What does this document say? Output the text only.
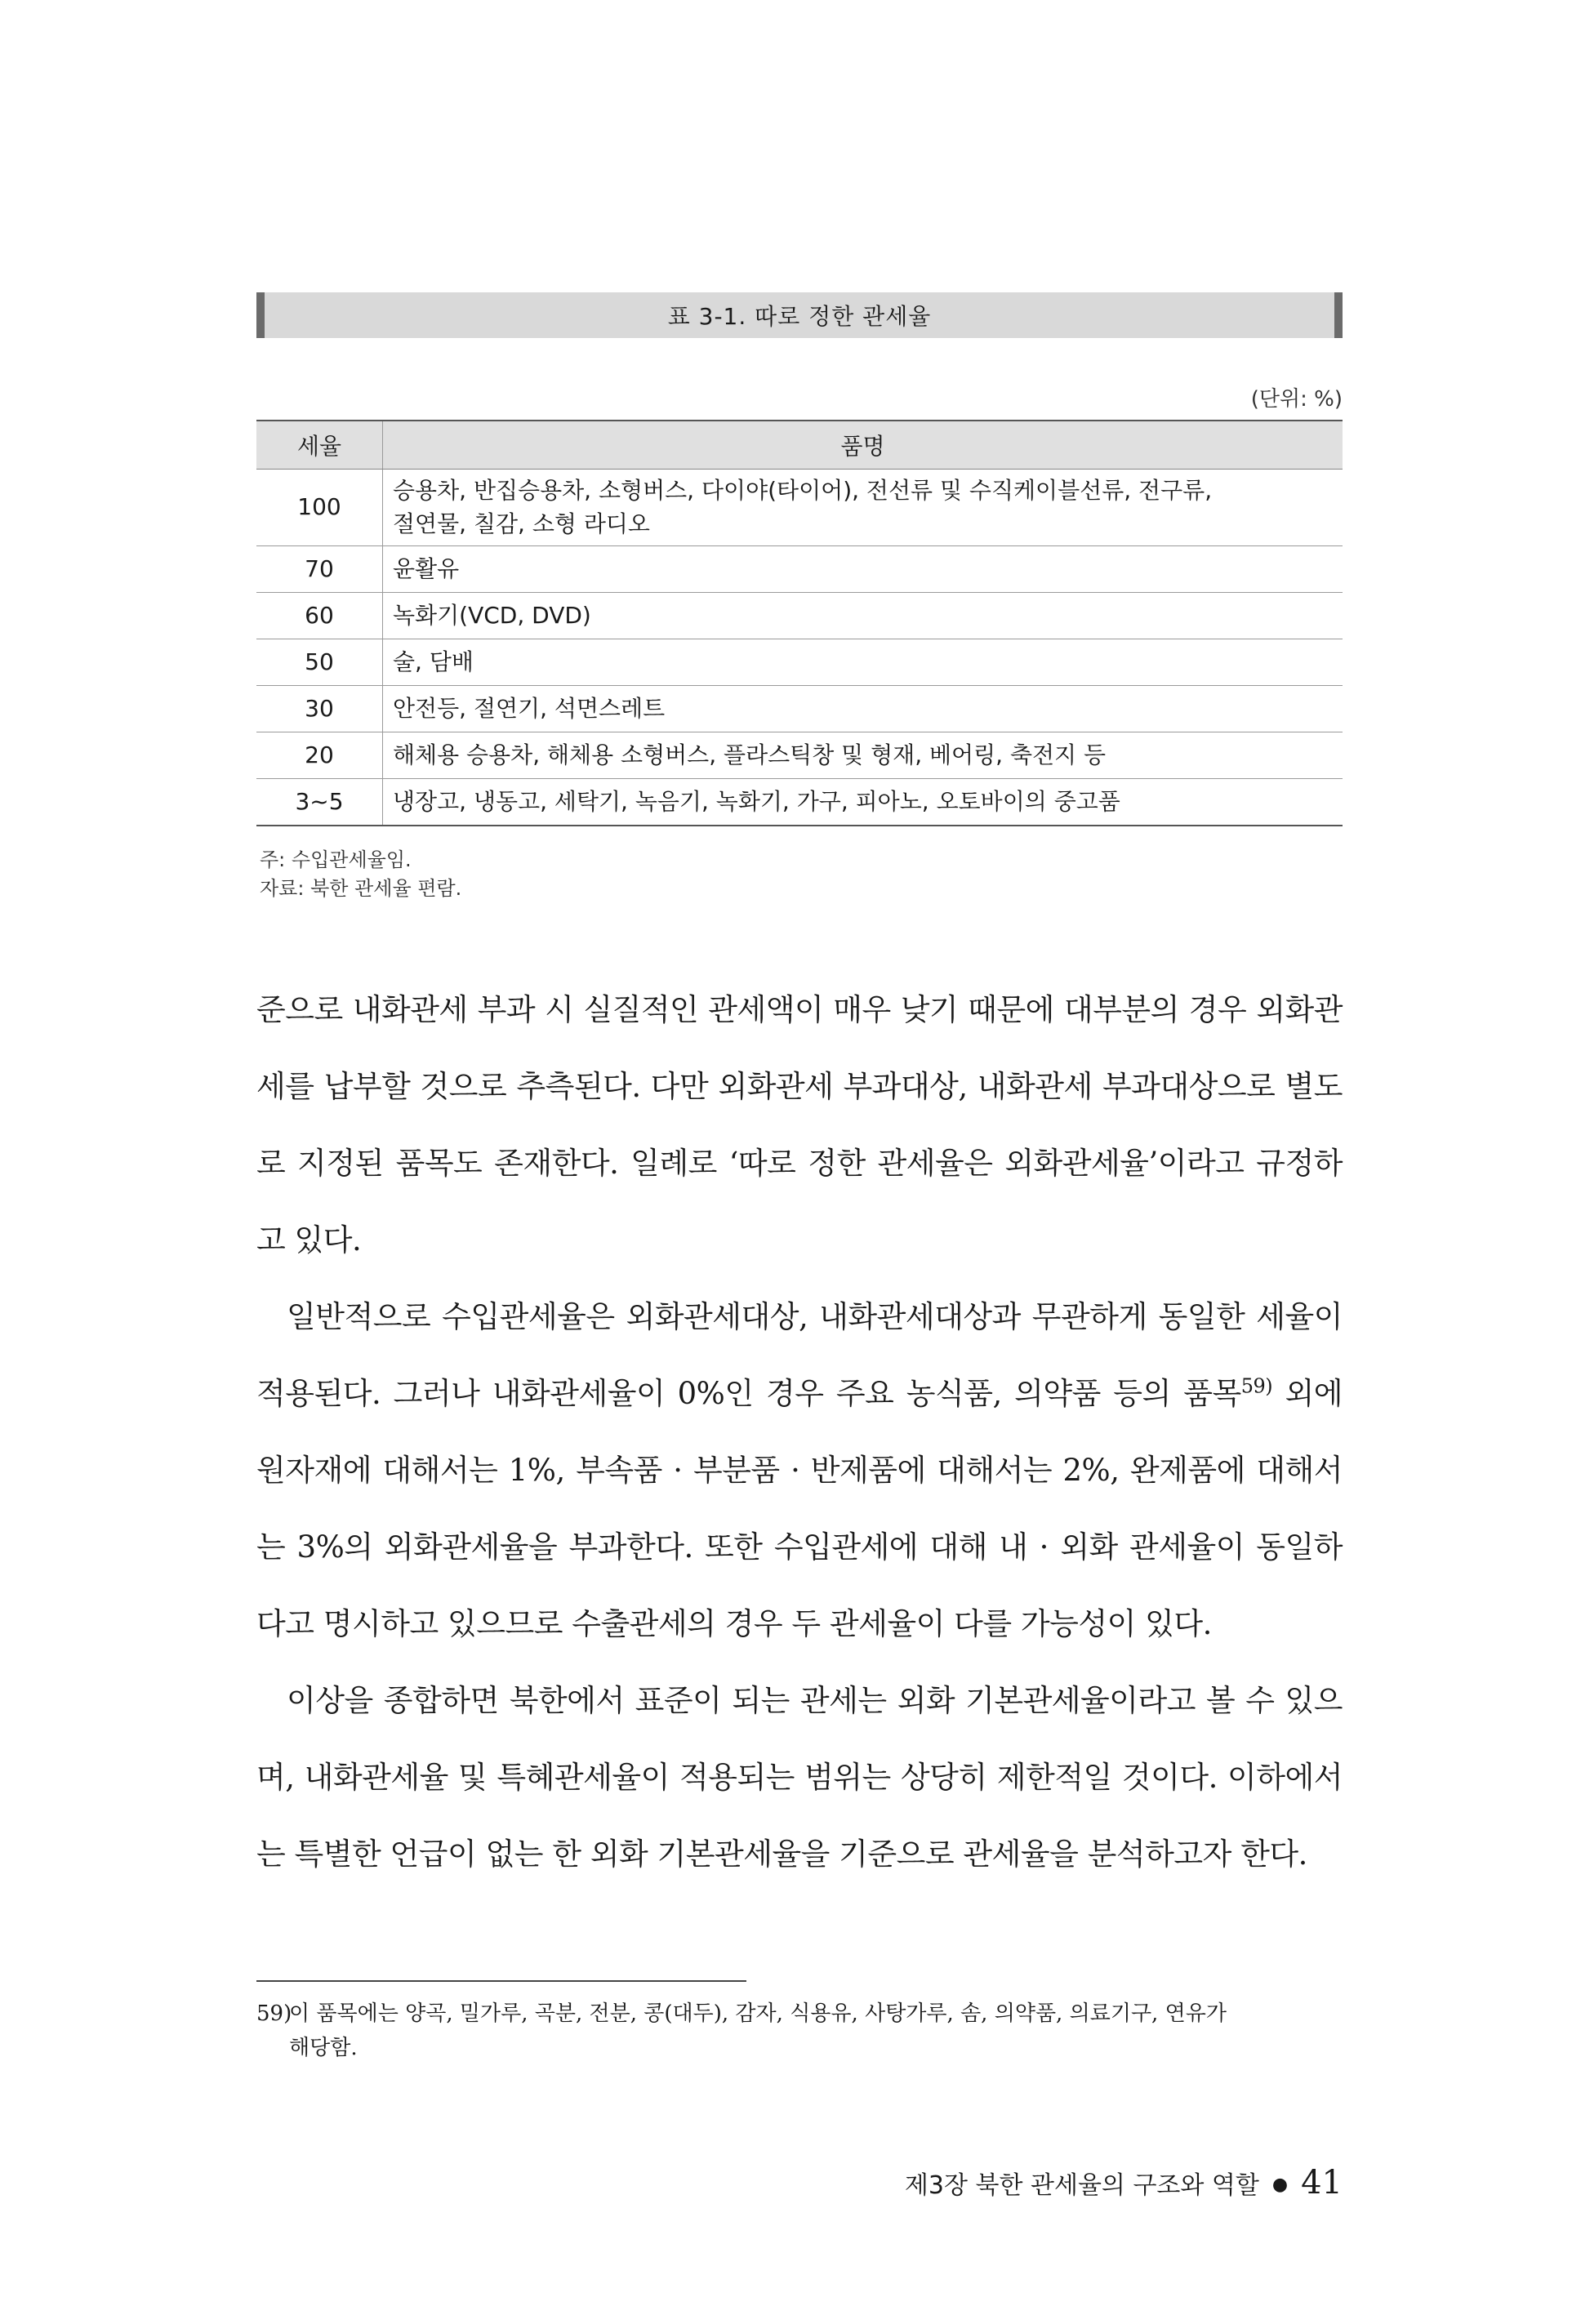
표 3-1. 따로 정한 관세율
(단위: %)
세율	품명
100	승용차, 반집승용차, 소형버스, 다이야(타이어), 전선류 및 수직케이블선류, 전구류,
절연물, 칠감, 소형 라디오

70	윤활유
60	녹화기(VCD, DVD)
50	술, 담배
30	안전등, 절연기, 석면스레트
20	해체용 승용차, 해체용 소형버스, 플라스틱창 및 형재, 베어링, 축전지 등
3~5	냉장고, 냉동고, 세탁기, 녹음기, 녹화기, 가구, 피아노, 오토바이의 중고품
주: 수입관세율임.
자료: 북한 관세율 편람.

준으로 내화관세 부과 시 실질적인 관세액이 매우 낮기 때문에 대부분의 경우 외화관세를 납부할 것으로 추측된다. 다만 외화관세 부과대상, 내화관세 부과대상으로 별도로 지정된 품목도 존재한다. 일례로 ‘따로 정한 관세율은 외화관세율’이라고 규정하고 있다.

일반적으로 수입관세율은 외화관세대상, 내화관세대상과 무관하게 동일한 세율이 적용된다. 그러나 내화관세율이 0%인 경우 주요 농식품, 의약품 등의 품목$^{59)}$ 외에 원자재에 대해서는 1%, 부속품 · 부분품 · 반제품에 대해서는 2%, 완제품에 대해서는 3%의 외화관세율을 부과한다. 또한 수입관세에 대해 내 · 외화 관세율이 동일하다고 명시하고 있으므로 수출관세의 경우 두 관세율이 다를 가능성이 있다.

이상을 종합하면 북한에서 표준이 되는 관세는 외화 기본관세율이라고 볼 수 있으며, 내화관세율 및 특혜관세율이 적용되는 범위는 상당히 제한적일 것이다. 이하에서는 특별한 언급이 없는 한 외화 기본관세율을 기준으로 관세율을 분석하고자 한다.

59)이 품목에는 양곡, 밀가루, 곡분, 전분, 콩(대두), 감자, 식용유, 사탕가루, 솜, 의약품, 의료기구, 연유가
해당함.
제3장 북한 관세율의 구조와 역할 ● 41
